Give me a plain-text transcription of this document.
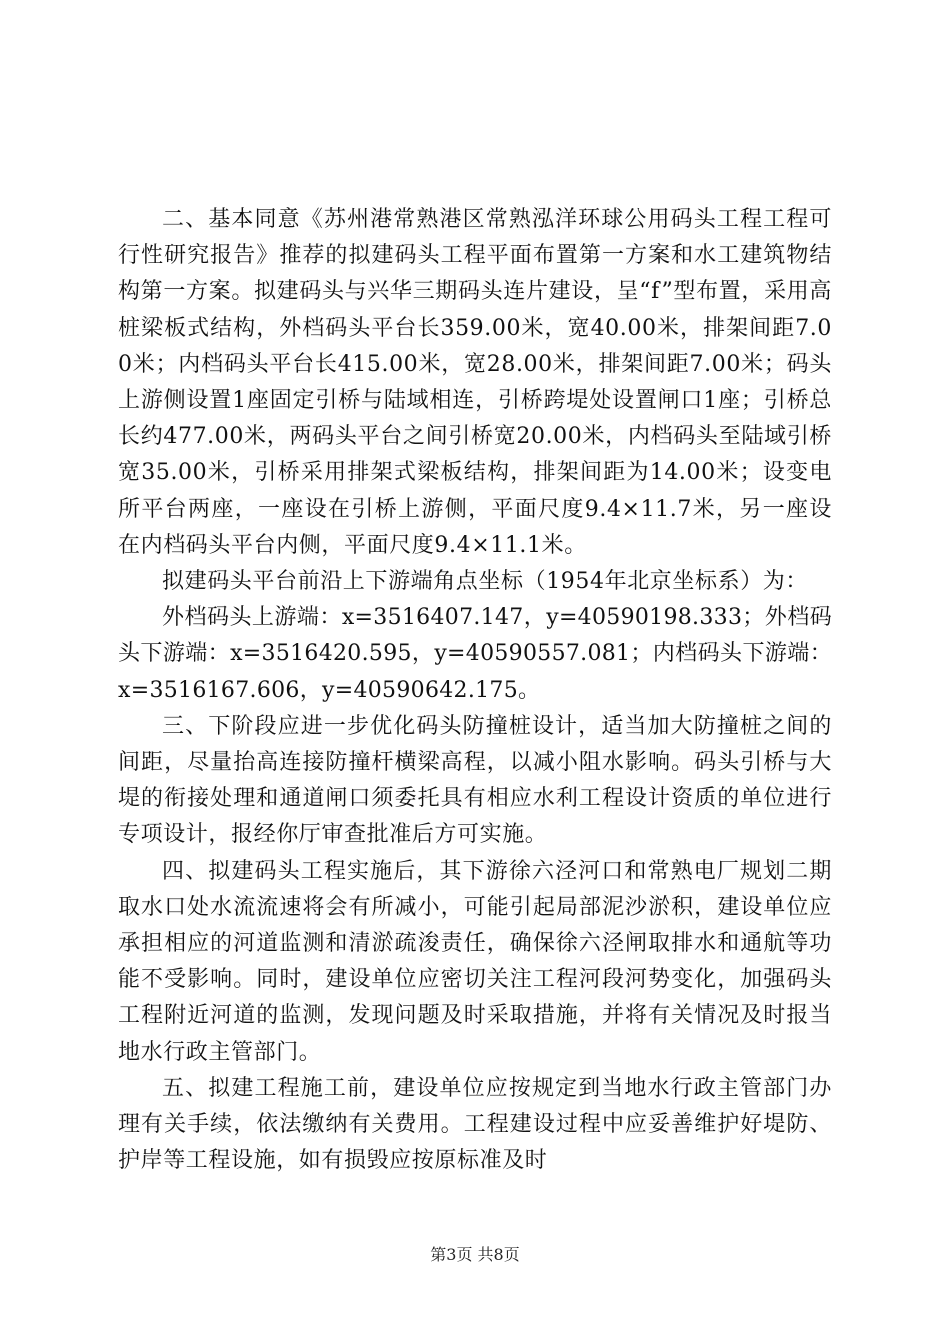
二、基本同意《苏州港常熟港区常熟泓洋环球公用码头工程工程可行性研究报告》推荐的拟建码头工程平面布置第一方案和水工建筑物结构第一方案。拟建码头与兴华三期码头连片建设，呈“f”型布置，采用高桩梁板式结构，外档码头平台长359.00米，宽40.00米，排架间距7.00米；内档码头平台长415.00米，宽28.00米，排架间距7.00米；码头上游侧设置1座固定引桥与陆域相连，引桥跨堤处设置闸口1座；引桥总长约477.00米，两码头平台之间引桥宽20.00米，内档码头至陆域引桥宽35.00米，引桥采用排架式梁板结构，排架间距为14.00米；设变电所平台两座，一座设在引桥上游侧，平面尺度9.4×11.7米，另一座设在内档码头平台内侧，平面尺度9.4×11.1米。

拟建码头平台前沿上下游端角点坐标（1954年北京坐标系）为：

外档码头上游端：x=3516407.147，y=40590198.333；外档码头下游端：x=3516420.595，y=40590557.081；内档码头下游端：x=3516167.606，y=40590642.175。

三、下阶段应进一步优化码头防撞桩设计，适当加大防撞桩之间的间距，尽量抬高连接防撞杆横梁高程，以减小阻水影响。码头引桥与大堤的衔接处理和通道闸口须委托具有相应水利工程设计资质的单位进行专项设计，报经你厅审查批准后方可实施。

四、拟建码头工程实施后，其下游徐六泾河口和常熟电厂规划二期取水口处水流流速将会有所减小，可能引起局部泥沙淤积，建设单位应承担相应的河道监测和清淤疏浚责任，确保徐六泾闸取排水和通航等功能不受影响。同时，建设单位应密切关注工程河段河势变化，加强码头工程附近河道的监测，发现问题及时采取措施，并将有关情况及时报当地水行政主管部门。

五、拟建工程施工前，建设单位应按规定到当地水行政主管部门办理有关手续，依法缴纳有关费用。工程建设过程中应妥善维护好堤防、护岸等工程设施，如有损毁应按原标准及时

第3页 共8页
